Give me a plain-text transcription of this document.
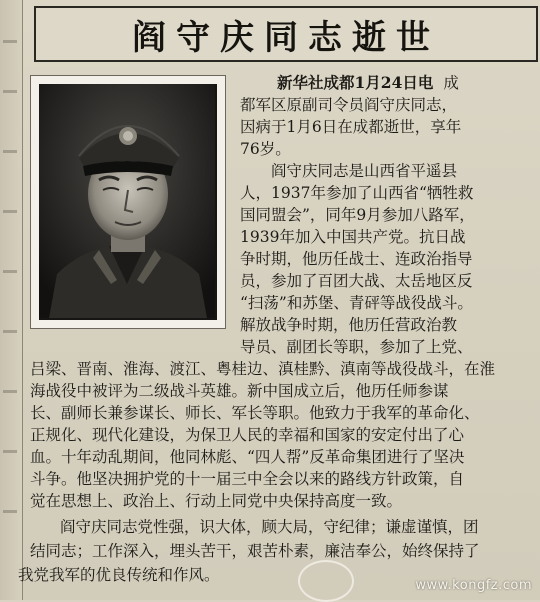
阎守庆同志逝世
新华社成都1月24日电 成
都军区原副司令员阎守庆同志，
因病于1月6日在成都逝世，享年
76岁。
阎守庆同志是山西省平遥县
人，1937年参加了山西省“牺牲救
国同盟会”，同年9月参加八路军，
1939年加入中国共产党。抗日战
争时期，他历任战士、连政治指导
员，参加了百团大战、太岳地区反
“扫荡”和苏堡、青砰等战役战斗。
解放战争时期，他历任营政治教
导员、副团长等职，参加了上党、
吕梁、晋南、淮海、渡江、粤桂边、滇桂黔、滇南等战役战斗，在淮
海战役中被评为二级战斗英雄。新中国成立后，他历任师参谋
长、副师长兼参谋长、师长、军长等职。他致力于我军的革命化、
正规化、现代化建设，为保卫人民的幸福和国家的安定付出了心
血。十年动乱期间，他同林彪、“四人帮”反革命集团进行了坚决
斗争。他坚决拥护党的十一届三中全会以来的路线方针政策，自
觉在思想上、政治上、行动上同党中央保持高度一致。
阎守庆同志党性强，识大体，顾大局，守纪律；谦虚谨慎，团
结同志；工作深入，埋头苦干，艰苦朴素，廉洁奉公，始终保持了
我党我军的优良传统和作风。
www.kongfz.com
